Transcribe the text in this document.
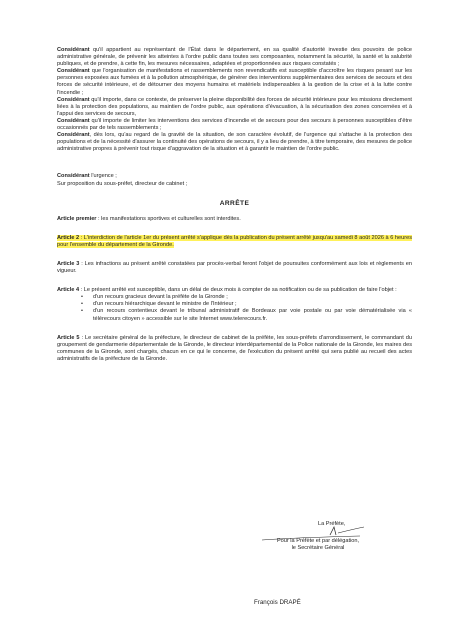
Considérant qu'il appartient au représentant de l'État dans le département, en sa qualité d'autorité investie des pouvoirs de police administrative générale, de prévenir les atteintes à l'ordre public dans toutes ses composantes, notamment la sécurité, la santé et la salubrité publiques, et de prendre, à cette fin, les mesures nécessaires, adaptées et proportionnées aux risques constatés ;

Considérant que l'organisation de manifestations et rassemblements non revendicatifs est susceptible d'accroître les risques pesant sur les personnes exposées aux fumées et à la pollution atmosphérique, de générer des interventions supplémentaires des services de secours et des forces de sécurité intérieure, et de détourner des moyens humains et matériels indispensables à la gestion de la crise et à la lutte contre l'incendie ;

Considérant qu'il importe, dans ce contexte, de préserver la pleine disponibilité des forces de sécurité intérieure pour les missions directement liées à la protection des populations, au maintien de l'ordre public, aux opérations d'évacuation, à la sécurisation des zones concernées et à l'appui des services de secours,

Considérant qu'il importe de limiter les interventions des services d'incendie et de secours pour des secours à personnes susceptibles d'être occasionnés par de tels rassemblements ;

Considérant, dès lors, qu'au regard de la gravité de la situation, de son caractère évolutif, de l'urgence qui s'attache à la protection des populations et de la nécessité d'assurer la continuité des opérations de secours, il y a lieu de prendre, à titre temporaire, des mesures de police administrative propres à prévenir tout risque d'aggravation de la situation et à garantir le maintien de l'ordre public.

Considérant l'urgence ;

Sur proposition du sous-préfet, directeur de cabinet ;

ARRÊTE

Article premier : les manifestations sportives et culturelles sont interdites.

Article 2 : L'interdiction de l'article 1er du présent arrêté s'applique dès la publication du présent arrêté jusqu'au samedi 8 août 2026 à 6 heures pour l'ensemble du département de la Gironde.

Article 3 : Les infractions au présent arrêté constatées par procès-verbal feront l'objet de poursuites conformément aux lois et règlements en vigueur.

Article 4 : Le présent arrêté est susceptible, dans un délai de deux mois à compter de sa notification ou de sa publication de faire l'objet :

• d'un recours gracieux devant la préfète de la Gironde ;
• d'un recours hiérarchique devant le ministre de l'Intérieur ;
• d'un recours contentieux devant le tribunal administratif de Bordeaux par voie postale ou par voie dématérialisée via « télérecours citoyen » accessible sur le site Internet www.telerecours.fr.

Article 5 : Le secrétaire général de la préfecture, le directeur de cabinet de la préfète, les sous-préfets d'arrondissement, le commandant du groupement de gendarmerie départementale de la Gironde, le directeur interdépartemental de la Police nationale de la Gironde, les maires des communes de la Gironde, sont chargés, chacun en ce qui le concerne, de l'exécution du présent arrêté qui sera publié au recueil des actes administratifs de la préfecture de la Gironde.

La Préfète,
Pour la Préfète et par délégation,
le Secrétaire Général
François DRAPÉ
